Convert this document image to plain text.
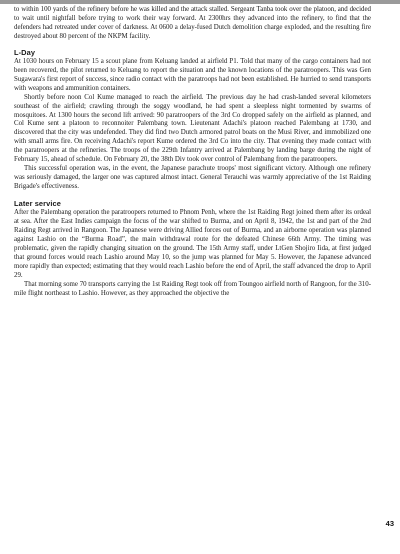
to within 100 yards of the refinery before he was killed and the attack stalled. Sergeant Tanba took over the platoon, and decided to wait until nightfall before trying to work their way forward. At 2300hrs they advanced into the refinery, to find that the defenders had retreated under cover of darkness. At 0600 a delay-fused Dutch demolition charge exploded, and the resulting fire destroyed about 80 percent of the NKPM facility.

L-Day

At 1030 hours on February 15 a scout plane from Keluang landed at airfield P1. Told that many of the cargo containers had not been recovered, the pilot returned to Keluang to report the situation and the known locations of the paratroopers. This was Gen Sugawara's first report of success, since radio contact with the paratroops had not been established. He hurried to send transports with weapons and ammunition containers.

Shortly before noon Col Kume managed to reach the airfield. The previous day he had crash-landed several kilometers southeast of the airfield; crawling through the soggy woodland, he had spent a sleepless night tormented by swarms of mosquitoes. At 1300 hours the second lift arrived: 90 paratroopers of the 3rd Co dropped safely on the airfield as planned, and Col Kume sent a platoon to reconnoiter Palembang town. Lieutenant Adachi's platoon reached Palembang at 1730, and discovered that the city was undefended. They did find two Dutch armored patrol boats on the Musi River, and immobilized one with small arms fire. On receiving Adachi's report Kume ordered the 3rd Co into the city. That evening they made contact with the paratroopers at the refineries. The troops of the 229th Infantry arrived at Palembang by landing barge during the night of February 15, ahead of schedule. On February 20, the 38th Div took over control of Palembang from the paratroopers.

This successful operation was, in the event, the Japanese parachute troops' most significant victory. Although one refinery was seriously damaged, the larger one was captured almost intact. General Terauchi was warmly appreciative of the 1st Raiding Brigade's effectiveness.

Later service

After the Palembang operation the paratroopers returned to Phnom Penh, where the 1st Raiding Regt joined them after its ordeal at sea. After the East Indies campaign the focus of the war shifted to Burma, and on April 8, 1942, the 1st and part of the 2nd Raiding Regt arrived in Rangoon. The Japanese were driving Allied forces out of Burma, and an airborne operation was planned against Lashio on the “Burma Road”, the main withdrawal route for the defeated Chinese 66th Army. The timing was problematic, given the rapidly changing situation on the ground. The 15th Army staff, under LtGen Shojiro Iida, at first judged that ground forces would reach Lashio around May 10, so the jump was planned for May 5. However, the Japanese advanced more rapidly than expected; estimating that they would reach Lashio before the end of April, the staff advanced the drop to April 29.

That morning some 70 transports carrying the 1st Raiding Regt took off from Toungoo airfield north of Rangoon, for the 310-mile flight northeast to Lashio. However, as they approached the objective the

43
